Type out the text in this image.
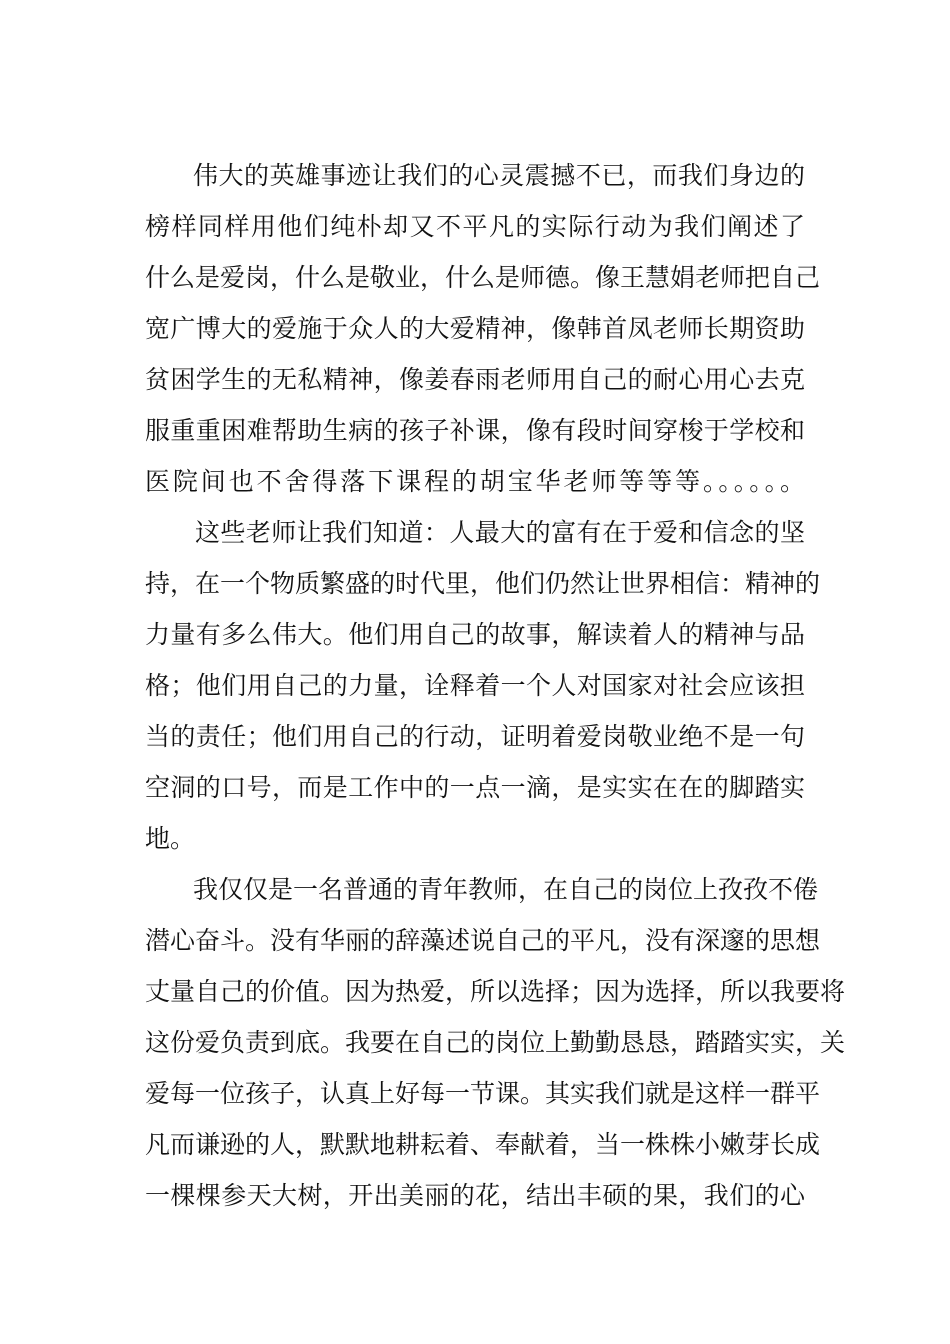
伟大的英雄事迹让我们的心灵震撼不已，而我们身边的
榜样同样用他们纯朴却又不平凡的实际行动为我们阐述了
什么是爱岗，什么是敬业，什么是师德。像王慧娟老师把自己
宽广博大的爱施于众人的大爱精神，像韩首凤老师长期资助
贫困学生的无私精神，像姜春雨老师用自己的耐心用心去克
服重重困难帮助生病的孩子补课，像有段时间穿梭于学校和
医院间也不舍得落下课程的胡宝华老师等等等。。。。。。
这些老师让我们知道：人最大的富有在于爱和信念的坚
持，在一个物质繁盛的时代里，他们仍然让世界相信：精神的
力量有多么伟大。他们用自己的故事，解读着人的精神与品
格；他们用自己的力量，诠释着一个人对国家对社会应该担
当的责任；他们用自己的行动，证明着爱岗敬业绝不是一句
空洞的口号，而是工作中的一点一滴，是实实在在的脚踏实
地。
我仅仅是一名普通的青年教师，在自己的岗位上孜孜不倦
潜心奋斗。没有华丽的辞藻述说自己的平凡，没有深邃的思想
丈量自己的价值。因为热爱，所以选择；因为选择，所以我要将
这份爱负责到底。我要在自己的岗位上勤勤恳恳，踏踏实实，关
爱每一位孩子，认真上好每一节课。其实我们就是这样一群平
凡而谦逊的人，默默地耕耘着、奉献着，当一株株小嫩芽长成
一棵棵参天大树，开出美丽的花，结出丰硕的果，我们的心
